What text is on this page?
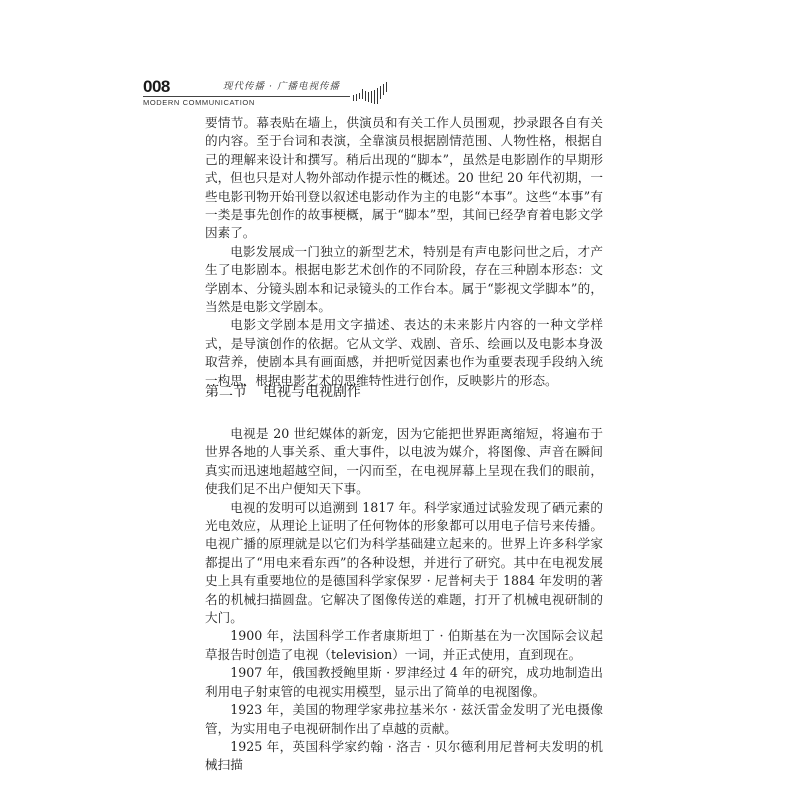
008	现代传播 · 广播电视传播
MODERN COMMUNICATION

要情节。幕表贴在墙上，供演员和有关工作人员围观，抄录跟各自有关的内容。至于台词和表演，全靠演员根据剧情范围、人物性格，根据自己的理解来设计和撰写。稍后出现的“脚本”，虽然是电影剧作的早期形式，但也只是对人物外部动作提示性的概述。20 世纪 20 年代初期，一些电影刊物开始刊登以叙述电影动作为主的电影“本事”。这些“本事”有一类是事先创作的故事梗概，属于“脚本”型，其间已经孕育着电影文学因素了。

电影发展成一门独立的新型艺术，特别是有声电影问世之后，才产生了电影剧本。根据电影艺术创作的不同阶段，存在三种剧本形态：文学剧本、分镜头剧本和记录镜头的工作台本。属于“影视文学脚本”的，当然是电影文学剧本。

电影文学剧本是用文字描述、表达的未来影片内容的一种文学样式，是导演创作的依据。它从文学、戏剧、音乐、绘画以及电影本身汲取营养，使剧本具有画面感，并把听觉因素也作为重要表现手段纳入统一构思，根据电影艺术的思维特性进行创作，反映影片的形态。

第二节 电视与电视剧作

电视是 20 世纪媒体的新宠，因为它能把世界距离缩短，将遍布于世界各地的人事关系、重大事件，以电波为媒介，将图像、声音在瞬间真实而迅速地超越空间，一闪而至，在电视屏幕上呈现在我们的眼前，使我们足不出户便知天下事。

电视的发明可以追溯到 1817 年。科学家通过试验发现了硒元素的光电效应，从理论上证明了任何物体的形象都可以用电子信号来传播。电视广播的原理就是以它们为科学基础建立起来的。世界上许多科学家都提出了“用电来看东西”的各种设想，并进行了研究。其中在电视发展史上具有重要地位的是德国科学家保罗 · 尼普柯夫于 1884 年发明的著名的机械扫描圆盘。它解决了图像传送的难题，打开了机械电视研制的大门。

1900 年，法国科学工作者康斯坦丁 · 伯斯基在为一次国际会议起草报告时创造了电视（television）一词，并正式使用，直到现在。

1907 年，俄国教授鲍里斯 · 罗津经过 4 年的研究，成功地制造出利用电子射束管的电视实用模型，显示出了简单的电视图像。

1923 年，美国的物理学家弗拉基米尔 · 兹沃雷金发明了光电摄像管，为实用电子电视研制作出了卓越的贡献。

1925 年，英国科学家约翰 · 洛吉 · 贝尔德利用尼普柯夫发明的机械扫描
